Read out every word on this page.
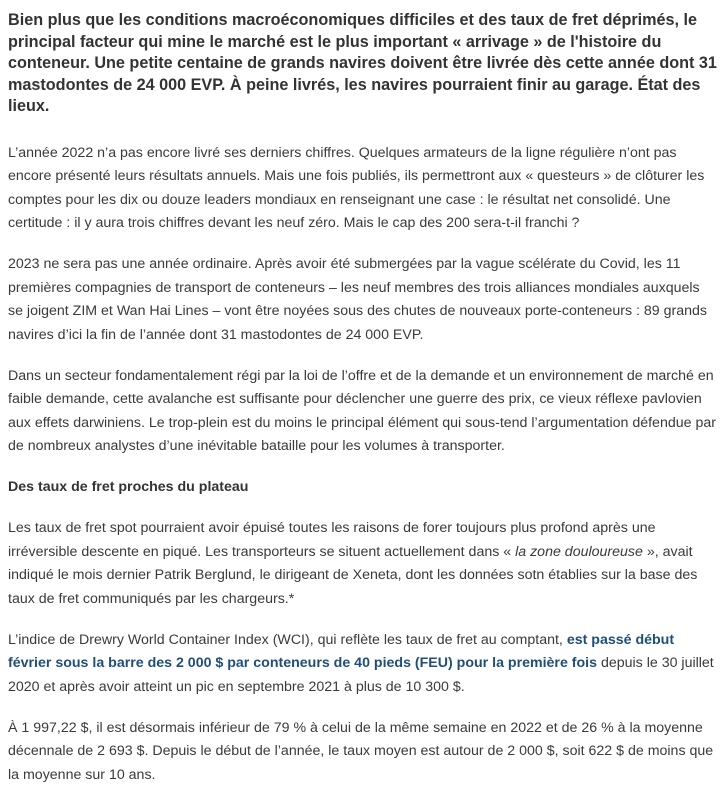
Bien plus que les conditions macroéconomiques difficiles et des taux de fret déprimés, le principal facteur qui mine le marché est le plus important « arrivage » de l'histoire du conteneur. Une petite centaine de grands navires doivent être livrée dès cette année dont 31 mastodontes de 24 000 EVP. À peine livrés, les navires pourraient finir au garage. État des lieux.

L’année 2022 n’a pas encore livré ses derniers chiffres. Quelques armateurs de la ligne régulière n’ont pas encore présenté leurs résultats annuels. Mais une fois publiés, ils permettront aux « questeurs » de clôturer les comptes pour les dix ou douze leaders mondiaux en renseignant une case : le résultat net consolidé. Une certitude : il y aura trois chiffres devant les neuf zéro. Mais le cap des 200 sera-t-il franchi ?

2023 ne sera pas une année ordinaire. Après avoir été submergées par la vague scélérate du Covid, les 11 premières compagnies de transport de conteneurs – les neuf membres des trois alliances mondiales auxquels se joigent ZIM et Wan Hai Lines – vont être noyées sous des chutes de nouveaux porte-conteneurs : 89 grands navires d’ici la fin de l’année dont 31 mastodontes de 24 000 EVP.

Dans un secteur fondamentalement régi par la loi de l’offre et de la demande et un environnement de marché en faible demande, cette avalanche est suffisante pour déclencher une guerre des prix, ce vieux réflexe pavlovien aux effets darwiniens. Le trop-plein est du moins le principal élément qui sous-tend l’argumentation défendue par de nombreux analystes d’une inévitable bataille pour les volumes à transporter.

Des taux de fret proches du plateau

Les taux de fret spot pourraient avoir épuisé toutes les raisons de forer toujours plus profond après une irréversible descente en piqué. Les transporteurs se situent actuellement dans « la zone douloureuse », avait indiqué le mois dernier Patrik Berglund, le dirigeant de Xeneta, dont les données sotn établies sur la base des taux de fret communiqués par les chargeurs.*

L’indice de Drewry World Container Index (WCI), qui reflète les taux de fret au comptant, est passé début février sous la barre des 2 000 $ par conteneurs de 40 pieds (FEU) pour la première fois depuis le 30 juillet 2020 et après avoir atteint un pic en septembre 2021 à plus de 10 300 $.

À 1 997,22 $, il est désormais inférieur de 79 % à celui de la même semaine en 2022 et de 26 % à la moyenne décennale de 2 693 $. Depuis le début de l’année, le taux moyen est autour de 2 000 $, soit 622 $ de moins que la moyenne sur 10 ans.
